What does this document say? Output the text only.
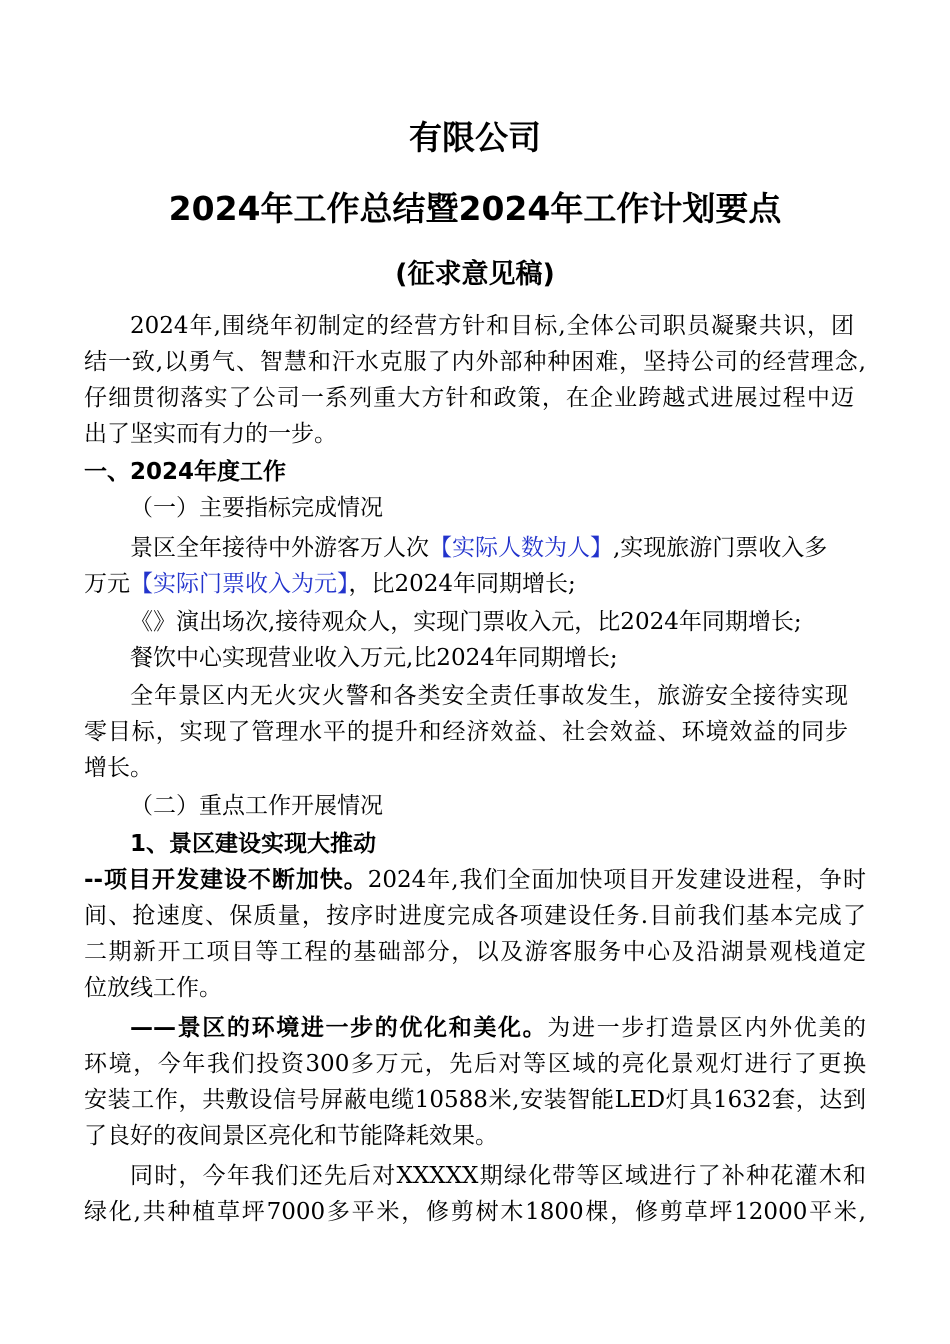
有限公司
2024年工作总结暨2024年工作计划要点
(征求意见稿)
2024年,围绕年初制定的经营方针和目标,全体公司职员凝聚共识，团
结一致,以勇气、智慧和汗水克服了内外部种种困难，坚持公司的经营理念,
仔细贯彻落实了公司一系列重大方针和政策，在企业跨越式进展过程中迈
出了坚实而有力的一步。
一、2024年度工作
（一）主要指标完成情况
景区全年接待中外游客万人次【实际人数为人】,实现旅游门票收入多
万元【实际门票收入为元】，比2024年同期增长;
《》演出场次,接待观众人，实现门票收入元，比2024年同期增长;
餐饮中心实现营业收入万元,比2024年同期增长;
全年景区内无火灾火警和各类安全责任事故发生，旅游安全接待实现
零目标，实现了管理水平的提升和经济效益、社会效益、环境效益的同步
增长。
（二）重点工作开展情况
1、景区建设实现大推动
--项目开发建设不断加快。2024年,我们全面加快项目开发建设进程，争时
间、抢速度、保质量，按序时进度完成各项建设任务.目前我们基本完成了
二期新开工项目等工程的基础部分，以及游客服务中心及沿湖景观栈道定
位放线工作。
——景区的环境进一步的优化和美化。为进一步打造景区内外优美的
环境，今年我们投资300多万元，先后对等区域的亮化景观灯进行了更换
安装工作，共敷设信号屏蔽电缆10588米,安装智能LED灯具1632套，达到
了良好的夜间景区亮化和节能降耗效果。
同时，今年我们还先后对XXXXX期绿化带等区域进行了补种花灌木和
绿化,共种植草坪7000多平米，修剪树木1800棵，修剪草坪12000平米,
